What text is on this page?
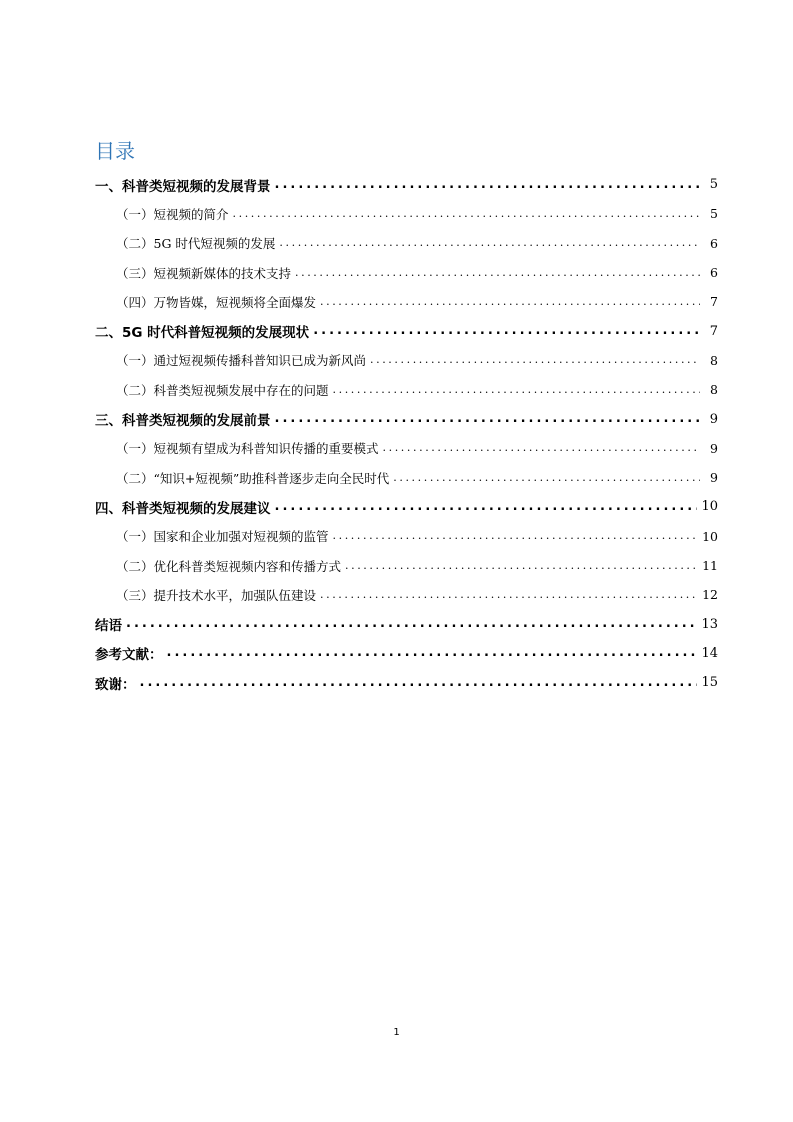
目录
一、科普类短视频的发展背景 .....	5
（一）短视频的简介 .....	5
（二）5G 时代短视频的发展 .....	6
（三）短视频新媒体的技术支持 .....	6
（四）万物皆媒，短视频将全面爆发 .....	7
二、5G 时代科普短视频的发展现状 .....	7
（一）通过短视频传播科普知识已成为新风尚 .....	8
（二）科普类短视频发展中存在的问题 .....	8
三、科普类短视频的发展前景 .....	9
（一）短视频有望成为科普知识传播的重要模式 .....	9
（二）“知识+短视频”助推科普逐步走向全民时代 .....	9
四、科普类短视频的发展建议 .....	10
（一）国家和企业加强对短视频的监管 .....	10
（二）优化科普类短视频内容和传播方式 .....	11
（三）提升技术水平，加强队伍建设 .....	12
结语 .....	13
参考文献： .....	14
致谢： .....	15
1
